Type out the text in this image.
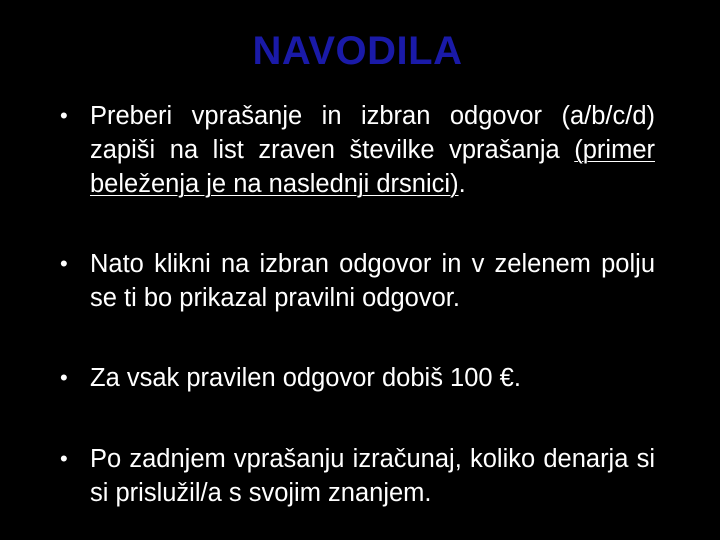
NAVODILA
• Preberi vprašanje in izbran odgovor (a/b/c/d) zapiši na list zraven številke vprašanja (primer beleženja je na naslednji drsnici).
• Nato klikni na izbran odgovor in v zelenem polju se ti bo prikazal pravilni odgovor.
• Za vsak pravilen odgovor dobiš 100 €.
• Po zadnjem vprašanju izračunaj, koliko denarja si si prislužil/a s svojim znanjem.
